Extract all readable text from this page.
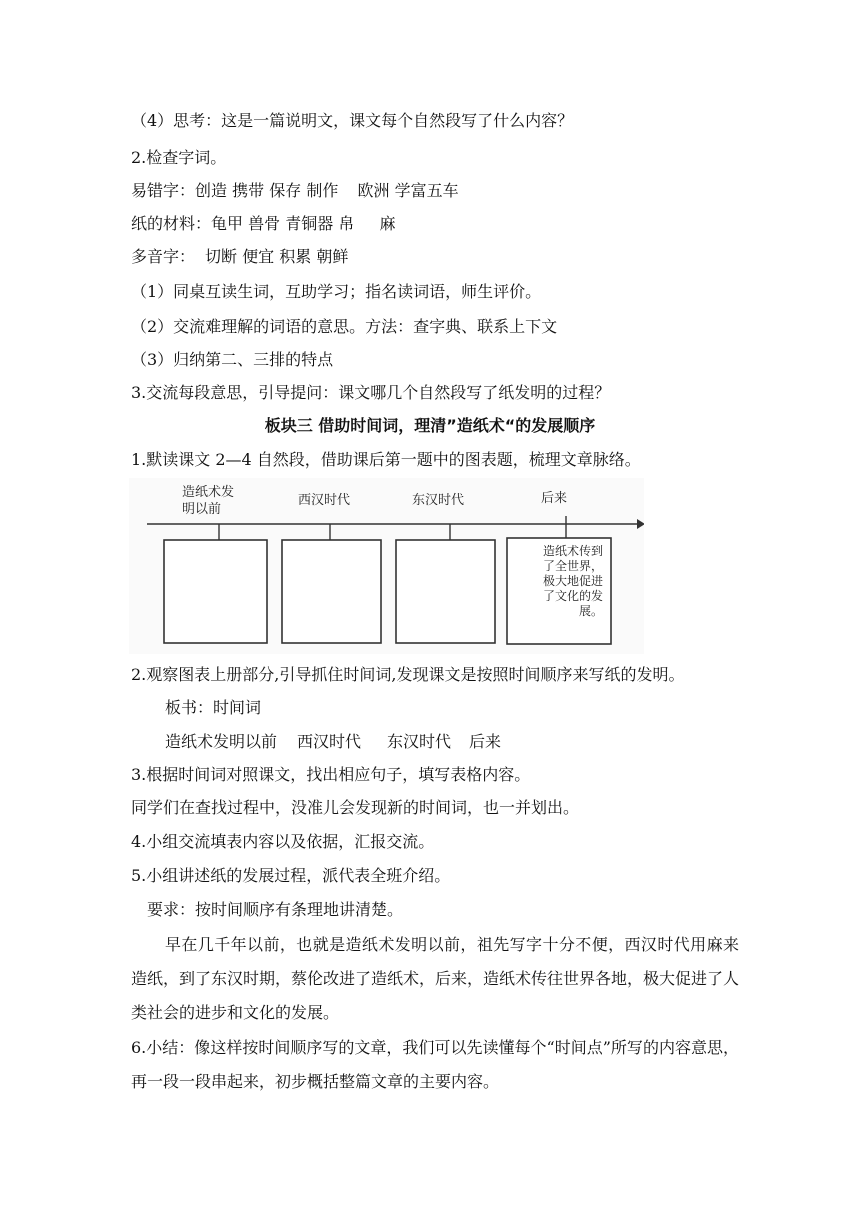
（4）思考：这是一篇说明文，课文每个自然段写了什么内容？
2.检查字词。
易错字：创造 携带 保存 制作 欧洲 学富五车
纸的材料：龟甲 兽骨 青铜器 帛 麻
多音字： 切断 便宜 积累 朝鲜
（1）同桌互读生词，互助学习；指名读词语，师生评价。
（2）交流难理解的词语的意思。方法：查字典、联系上下文
（3）归纳第二、三排的特点
3.交流每段意思，引导提问：课文哪几个自然段写了纸发明的过程？
板块三 借助时间词，理清”造纸术“的发展顺序
1.默读课文 2—4 自然段，借助课后第一题中的图表题，梳理文章脉络。
造纸术发
明以前
西汉时代	东汉时代	后来
造纸术传到了全世界，极大地促进了文化的发展。
2.观察图表上册部分,引导抓住时间词,发现课文是按照时间顺序来写纸的发明。
板书：时间词
造纸术发明以前 西汉时代 东汉时代 后来
3.根据时间词对照课文，找出相应句子，填写表格内容。
同学们在查找过程中，没准儿会发现新的时间词，也一并划出。
4.小组交流填表内容以及依据，汇报交流。
5.小组讲述纸的发展过程，派代表全班介绍。
要求：按时间顺序有条理地讲清楚。
早在几千年以前，也就是造纸术发明以前，祖先写字十分不便，西汉时代用麻来造纸，到了东汉时期，蔡伦改进了造纸术，后来，造纸术传往世界各地，极大促进了人类社会的进步和文化的发展。
6.小结：像这样按时间顺序写的文章，我们可以先读懂每个“时间点”所写的内容意思，再一段一段串起来，初步概括整篇文章的主要内容。
